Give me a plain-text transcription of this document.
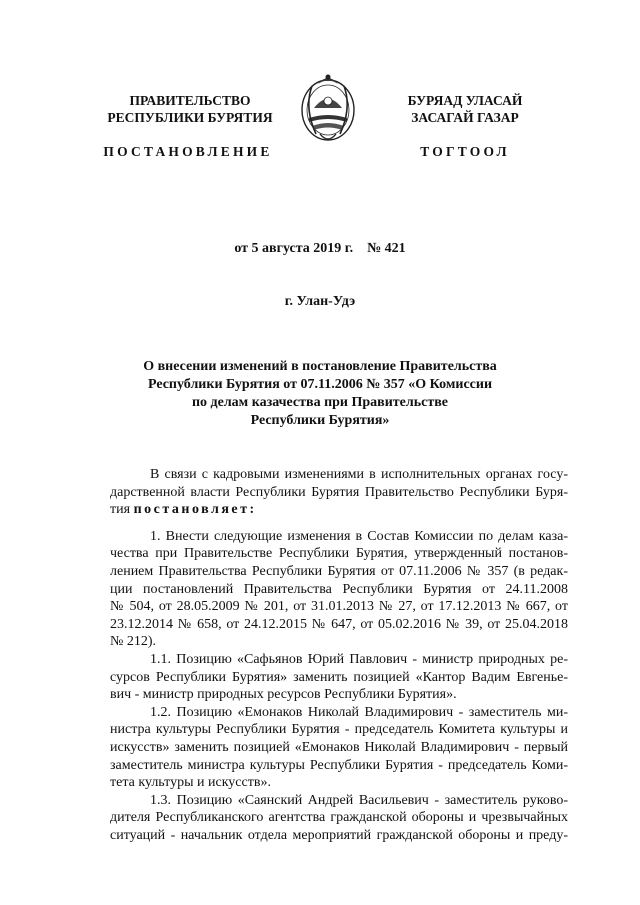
ПРАВИТЕЛЬСТВО
РЕСПУБЛИКИ БУРЯТИЯ
ПОСТАНОВЛЕНИЕ
БУРЯАД УЛАСАЙ
ЗАСАГАЙ ГАЗАР
ТОГТООЛ
от 5 августа 2019 г.    № 421
г. Улан-Удэ
О внесении изменений в постановление Правительства
Республики Бурятия от 07.11.2006 № 357 «О Комиссии
по делам казачества при Правительстве
Республики Бурятия»
В связи с кадровыми изменениями в исполнительных органах госу-
дарственной власти Республики Бурятия Правительство Республики Буря-
тия постановляет:
1. Внести следующие изменения в Состав Комиссии по делам каза-
чества при Правительстве Республики Бурятия, утвержденный постанов-
лением Правительства Республики Бурятия от 07.11.2006 № 357 (в редак-
ции постановлений Правительства Республики Бурятия от 24.11.2008
№ 504, от 28.05.2009 № 201, от 31.01.2013 № 27, от 17.12.2013 № 667, от
23.12.2014 № 658, от 24.12.2015 № 647, от 05.02.2016 № 39, от 25.04.2018
№ 212).
1.1. Позицию «Сафьянов Юрий Павлович - министр природных ре-
сурсов Республики Бурятия» заменить позицией «Кантор Вадим Евгенье-
вич - министр природных ресурсов Республики Бурятия».
1.2. Позицию «Емонаков Николай Владимирович - заместитель ми-
нистра культуры Республики Бурятия - председатель Комитета культуры и
искусств» заменить позицией «Емонаков Николай Владимирович - первый
заместитель министра культуры Республики Бурятия - председатель Коми-
тета культуры и искусств».
1.3. Позицию «Саянский Андрей Васильевич - заместитель руково-
дителя Республиканского агентства гражданской обороны и чрезвычайных
ситуаций - начальник отдела мероприятий гражданской обороны и преду-
